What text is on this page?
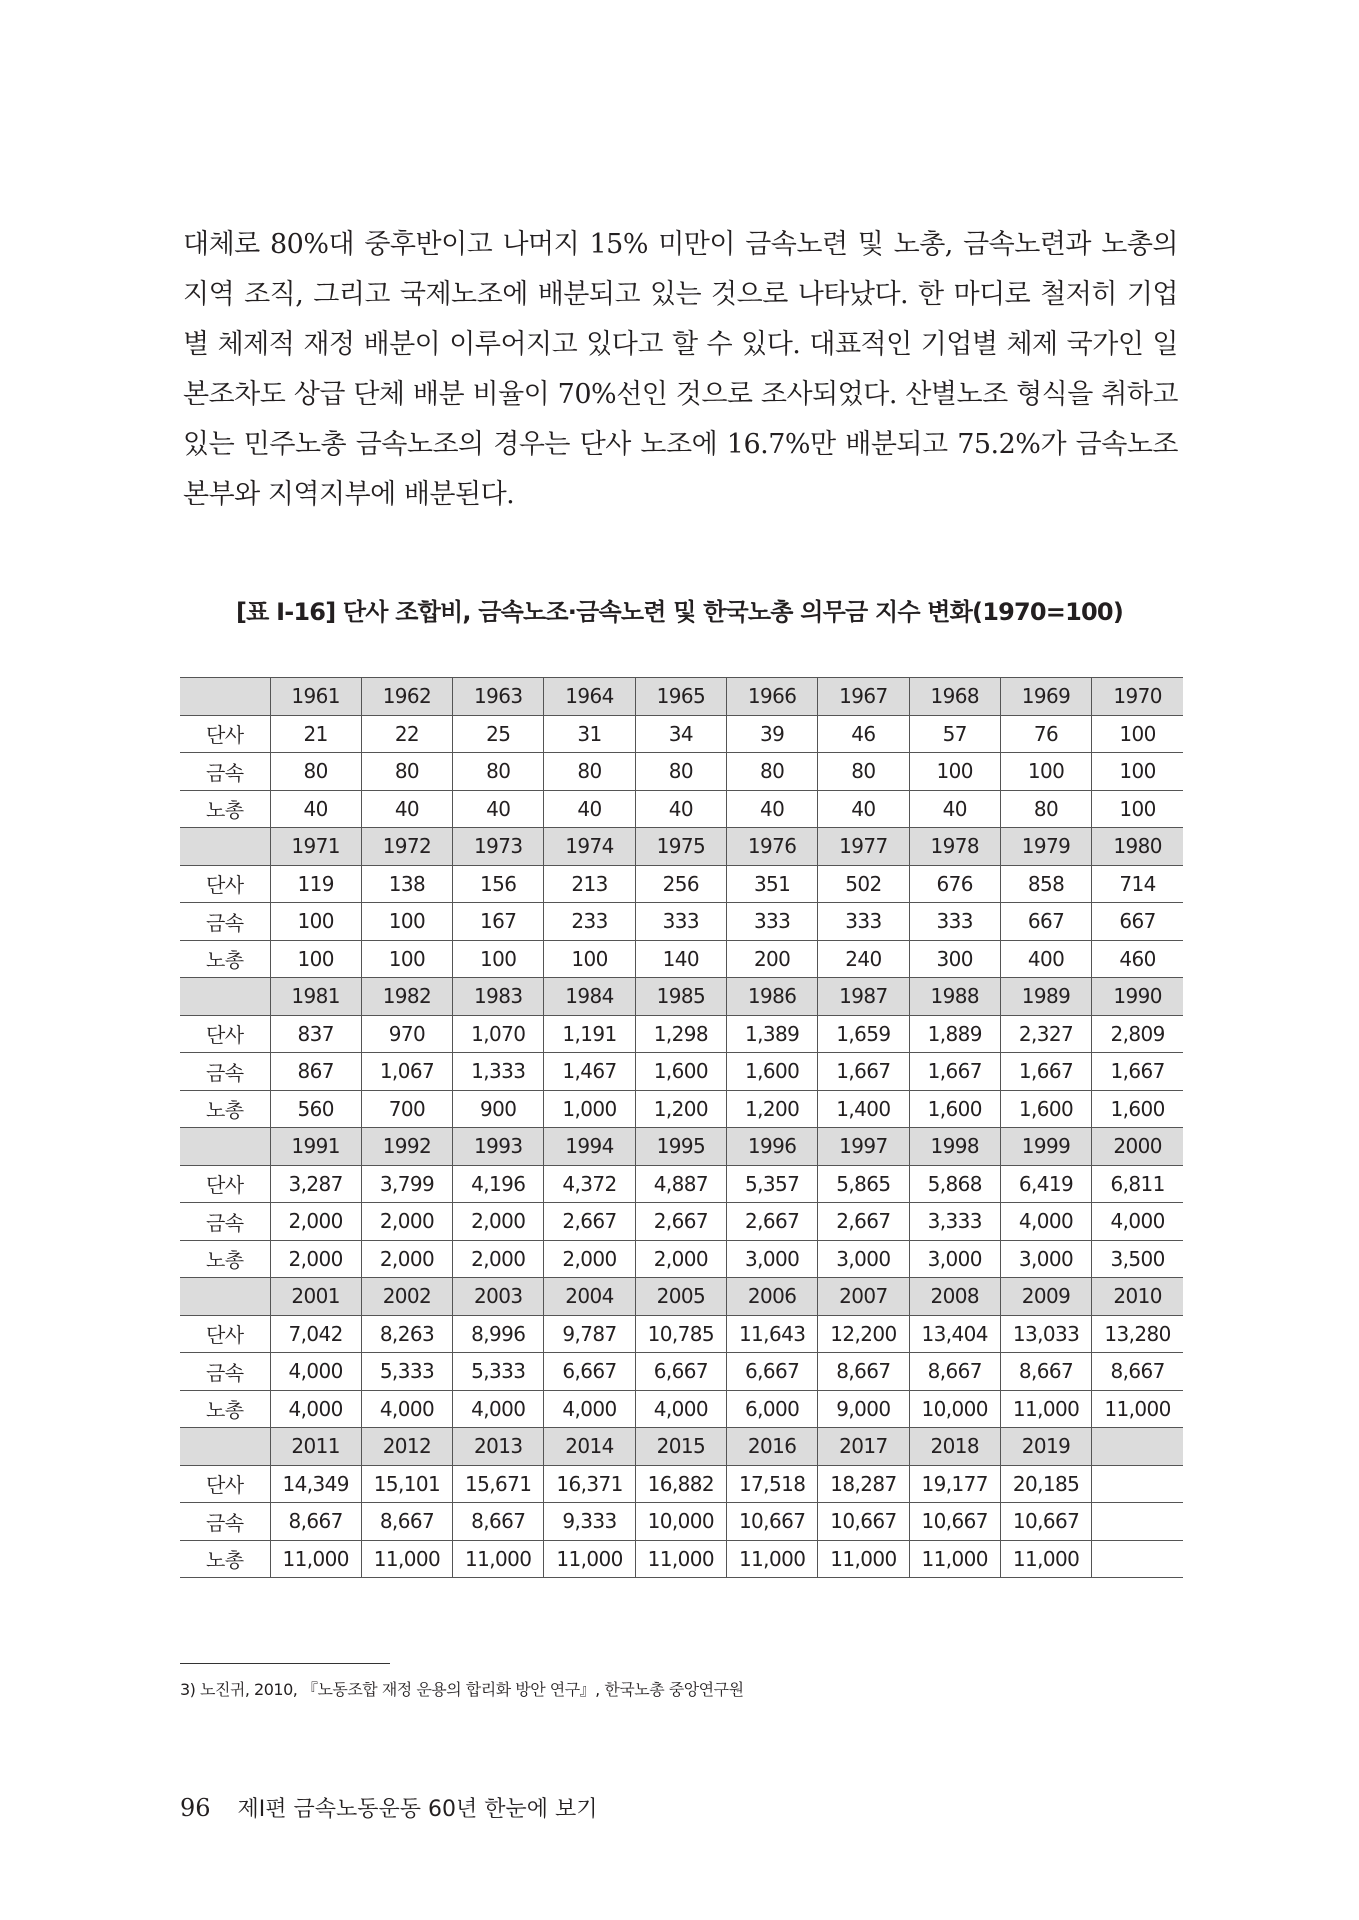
대체로 80%대 중후반이고 나머지 15% 미만이 금속노련 및 노총, 금속노련과 노총의 지역 조직, 그리고 국제노조에 배분되고 있는 것으로 나타났다. 한 마디로 철저히 기업별 체제적 재정 배분이 이루어지고 있다고 할 수 있다. 대표적인 기업별 체제 국가인 일본조차도 상급 단체 배분 비율이 70%선인 것으로 조사되었다. 산별노조 형식을 취하고 있는 민주노총 금속노조의 경우는 단사 노조에 16.7%만 배분되고 75.2%가 금속노조 본부와 지역지부에 배분된다.

[표 Ⅰ-16] 단사 조합비, 금속노조·금속노련 및 한국노총 의무금 지수 변화(1970=100)
	1961	1962	1963	1964	1965	1966	1967	1968	1969	1970
단사	21	22	25	31	34	39	46	57	76	100
금속	80	80	80	80	80	80	80	100	100	100
노총	40	40	40	40	40	40	40	40	80	100
	1971	1972	1973	1974	1975	1976	1977	1978	1979	1980
단사	119	138	156	213	256	351	502	676	858	714
금속	100	100	167	233	333	333	333	333	667	667
노총	100	100	100	100	140	200	240	300	400	460
	1981	1982	1983	1984	1985	1986	1987	1988	1989	1990
단사	837	970	1,070	1,191	1,298	1,389	1,659	1,889	2,327	2,809
금속	867	1,067	1,333	1,467	1,600	1,600	1,667	1,667	1,667	1,667
노총	560	700	900	1,000	1,200	1,200	1,400	1,600	1,600	1,600
	1991	1992	1993	1994	1995	1996	1997	1998	1999	2000
단사	3,287	3,799	4,196	4,372	4,887	5,357	5,865	5,868	6,419	6,811
금속	2,000	2,000	2,000	2,667	2,667	2,667	2,667	3,333	4,000	4,000
노총	2,000	2,000	2,000	2,000	2,000	3,000	3,000	3,000	3,000	3,500
	2001	2002	2003	2004	2005	2006	2007	2008	2009	2010
단사	7,042	8,263	8,996	9,787	10,785	11,643	12,200	13,404	13,033	13,280
금속	4,000	5,333	5,333	6,667	6,667	6,667	8,667	8,667	8,667	8,667
노총	4,000	4,000	4,000	4,000	4,000	6,000	9,000	10,000	11,000	11,000
	2011	2012	2013	2014	2015	2016	2017	2018	2019	
단사	14,349	15,101	15,671	16,371	16,882	17,518	18,287	19,177	20,185	
금속	8,667	8,667	8,667	9,333	10,000	10,667	10,667	10,667	10,667	
노총	11,000	11,000	11,000	11,000	11,000	11,000	11,000	11,000	11,000	
3) 노진귀, 2010, 『노동조합 재정 운용의 합리화 방안 연구』, 한국노총 중앙연구원
96 제Ⅰ편 금속노동운동 60년 한눈에 보기
